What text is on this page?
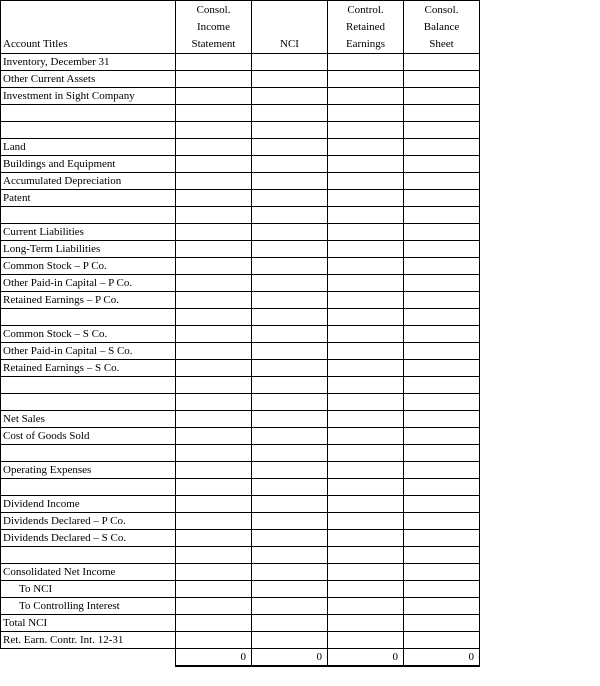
Account Titles	Consol.
Income
Statement	NCI	Control.
Retained
Earnings	Consol.
Balance
Sheet
Inventory, December 31				
Other Current Assets				
Investment in Sight Company				

Land				
Buildings and Equipment				
Accumulated Depreciation				
Patent				

Current Liabilities				
Long-Term Liabilities				
Common Stock – P Co.				
Other Paid-in Capital – P Co.				
Retained Earnings – P Co.				

Common Stock – S Co.				
Other Paid-in Capital – S Co.				
Retained Earnings – S Co.				

Net Sales				
Cost of Goods Sold				

Operating Expenses				

Dividend Income				
Dividends Declared – P Co.				
Dividends Declared – S Co.				

Consolidated Net Income				
To NCI				
To Controlling Interest				
Total NCI				
Ret. Earn. Contr. Int. 12-31				
	0	0	0	0
